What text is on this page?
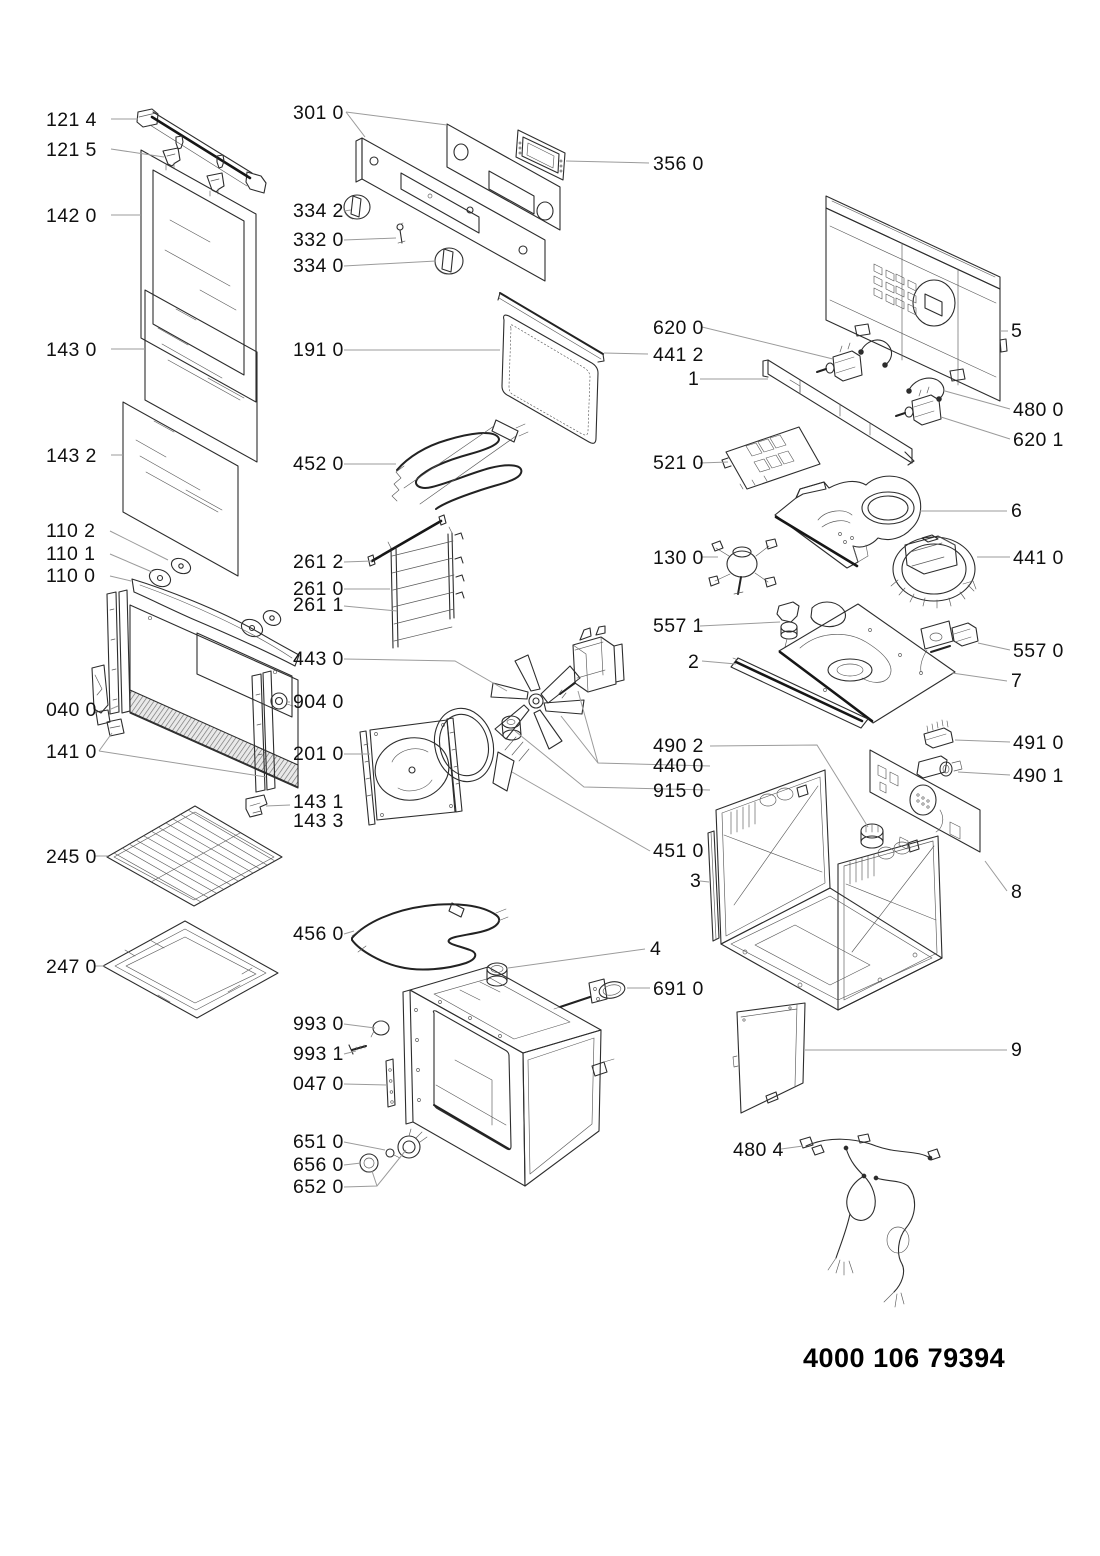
121 4
121 5
142 0
143 0
143 2
110 2
110 1
110 0
040 0
141 0
245 0
247 0
301 0
334 2
332 0
334 0
191 0
452 0
261 2
261 0
261 1
443 0
904 0
201 0
143 1
143 3
456 0
993 0
993 1
047 0
651 0
656 0
652 0
356 0
620 0
441 2
1
521 0
130 0
557 1
2
490 2
440 0
915 0
451 0
3
4
691 0
480 4
5
480 0
620 1
6
441 0
557 0
7
491 0
490 1
8
9
4000 106 79394
